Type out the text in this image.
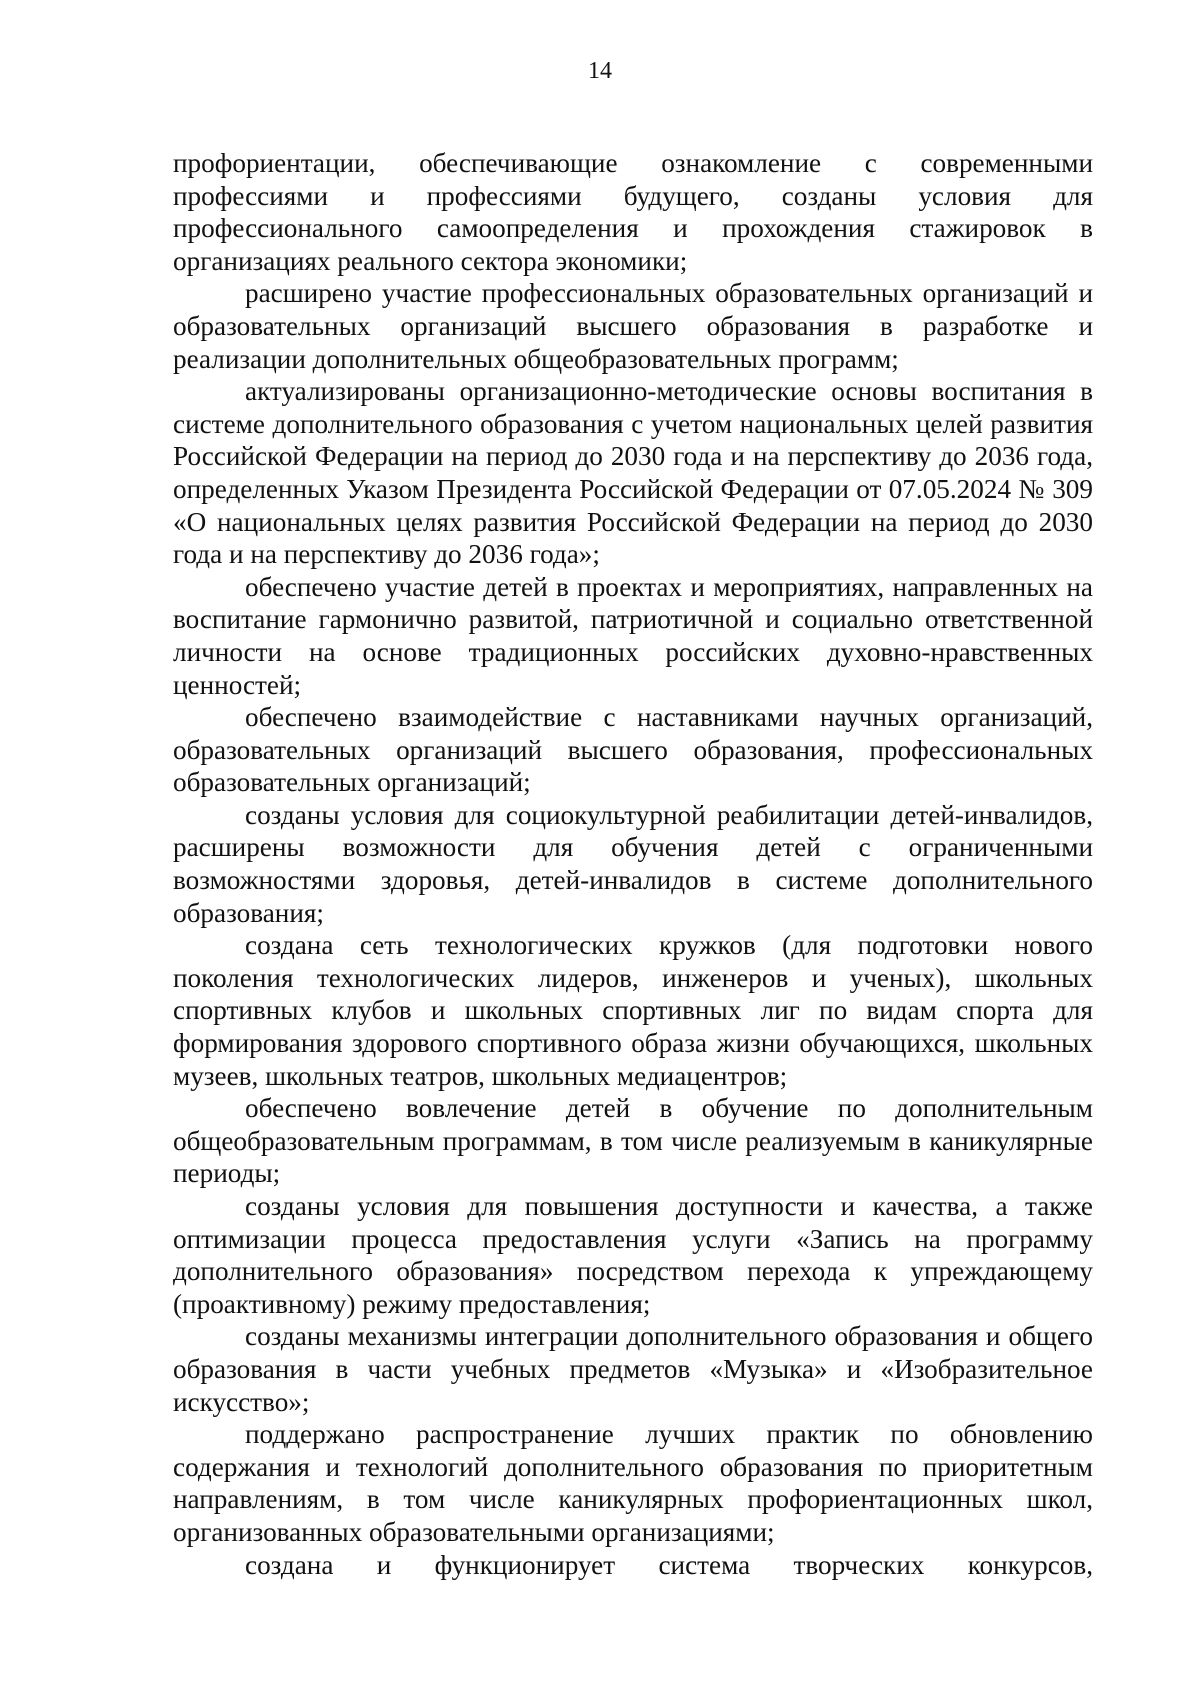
14

профориентации, обеспечивающие ознакомление с современными профессиями и профессиями будущего, созданы условия для профессионального самоопределения и прохождения стажировок в организациях реального сектора экономики;

расширено участие профессиональных образовательных организаций и образовательных организаций высшего образования в разработке и реализации дополнительных общеобразовательных программ;

актуализированы организационно-методические основы воспитания в системе дополнительного образования с учетом национальных целей развития Российской Федерации на период до 2030 года и на перспективу до 2036 года, определенных Указом Президента Российской Федерации от 07.05.2024 № 309 «О национальных целях развития Российской Федерации на период до 2030 года и на перспективу до 2036 года»;

обеспечено участие детей в проектах и мероприятиях, направленных на воспитание гармонично развитой, патриотичной и социально ответственной личности на основе традиционных российских духовно-нравственных ценностей;

обеспечено взаимодействие с наставниками научных организаций, образовательных организаций высшего образования, профессиональных образовательных организаций;

созданы условия для социокультурной реабилитации детей-инвалидов, расширены возможности для обучения детей с ограниченными возможностями здоровья, детей-инвалидов в системе дополнительного образования;

создана сеть технологических кружков (для подготовки нового поколения технологических лидеров, инженеров и ученых), школьных спортивных клубов и школьных спортивных лиг по видам спорта для формирования здорового спортивного образа жизни обучающихся, школьных музеев, школьных театров, школьных медиацентров;

обеспечено вовлечение детей в обучение по дополнительным общеобразовательным программам, в том числе реализуемым в каникулярные периоды;

созданы условия для повышения доступности и качества, а также оптимизации процесса предоставления услуги «Запись на программу дополнительного образования» посредством перехода к упреждающему (проактивному) режиму предоставления;

созданы механизмы интеграции дополнительного образования и общего образования в части учебных предметов «Музыка» и «Изобразительное искусство»;

поддержано распространение лучших практик по обновлению содержания и технологий дополнительного образования по приоритетным направлениям, в том числе каникулярных профориентационных школ, организованных образовательными организациями;

создана и функционирует система творческих конкурсов,
